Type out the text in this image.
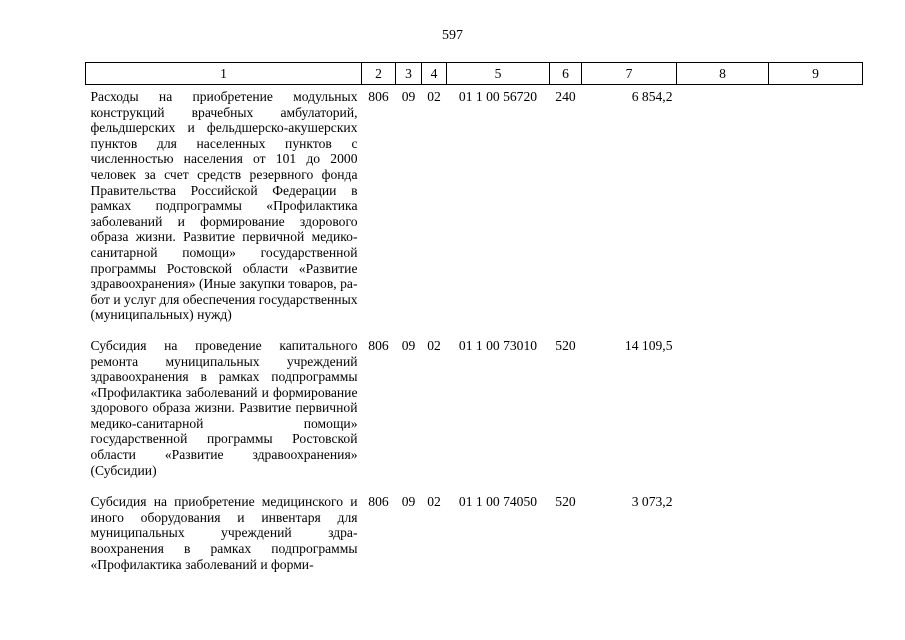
597
1	2	3	4	5	6	7	8	9
Расходы на приобретение модульных конструкций врачебных амбулаторий, фельдшерских и фельдшерско-акушерских пунктов для населенных пунктов с численностью населения от 101 до 2000 человек за счет средств резервного фонда Правительства Российской Федерации в рамках подпрограммы «Профилактика заболеваний и формирование здорового образа жизни. Развитие первичной медико-санитарной помощи» государственной программы Ростовской области «Развитие здравоохранения» (Иные закупки товаров, работ и услуг для обеспечения государственных (муниципальных) нужд)	806	09	02	01 1 00 56720	240	6 854,2		
Субсидия на проведение капитального ремонта муниципальных учреждений здравоохранения в рамках подпрограммы «Профилактика заболеваний и формирование здорового образа жизни. Развитие первичной медико-санитарной помощи» государственной программы Ростовской области «Развитие здравоохранения» (Субсидии)	806	09	02	01 1 00 73010	520	14 109,5		
Субсидия на приобретение медицинского и иного оборудования и инвентаря для муниципальных учреждений здравоохранения в рамках подпрограммы «Профилактика заболеваний и форми-	806	09	02	01 1 00 74050	520	3 073,2		
